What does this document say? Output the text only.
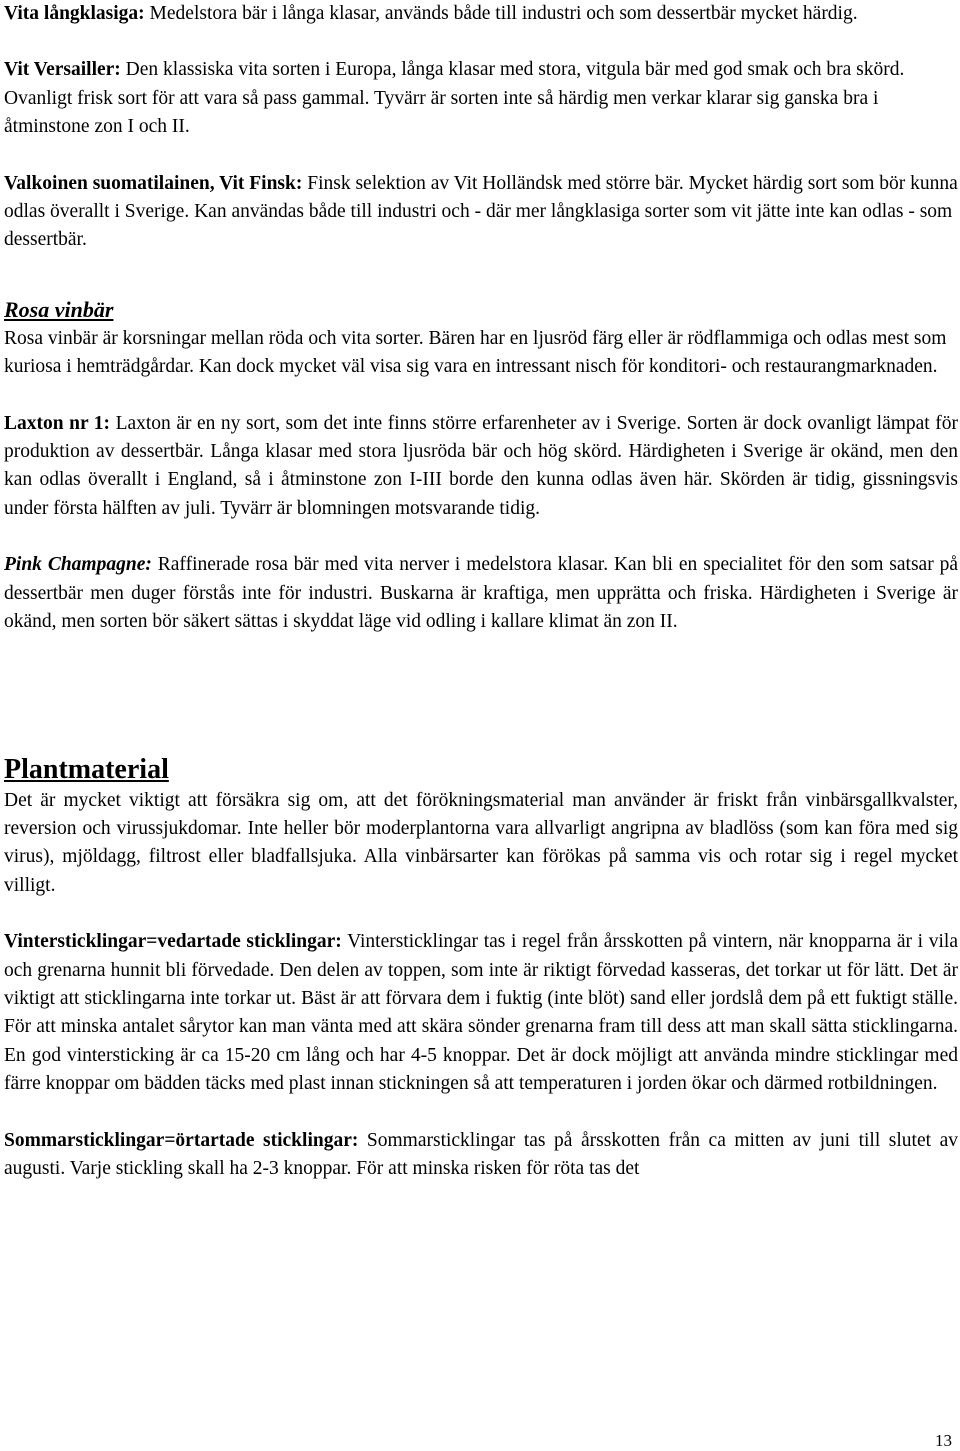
Vita långklasiga: Medelstora bär i långa klasar, används både till industri och som dessertbär mycket härdig.

Vit Versailler: Den klassiska vita sorten i Europa, långa klasar med stora, vitgula bär med god smak och bra skörd. Ovanligt frisk sort för att vara så pass gammal. Tyvärr är sorten inte så härdig men verkar klarar sig ganska bra i åtminstone zon I och II.

Valkoinen suomatilainen, Vit Finsk: Finsk selektion av Vit Holländsk med större bär. Mycket härdig sort som bör kunna odlas överallt i Sverige. Kan användas både till industri och - där mer långklasiga sorter som vit jätte inte kan odlas - som dessertbär.

Rosa vinbär

Rosa vinbär är korsningar mellan röda och vita sorter. Bären har en ljusröd färg eller är rödflammiga och odlas mest som kuriosa i hemträdgårdar. Kan dock mycket väl visa sig vara en intressant nisch för konditori- och restaurangmarknaden.

Laxton nr 1: Laxton är en ny sort, som det inte finns större erfarenheter av i Sverige. Sorten är dock ovanligt lämpat för produktion av dessertbär. Långa klasar med stora ljusröda bär och hög skörd. Härdigheten i Sverige är okänd, men den kan odlas överallt i England, så i åtminstone zon I-III borde den kunna odlas även här. Skörden är tidig, gissningsvis under första hälften av juli. Tyvärr är blomningen motsvarande tidig.

Pink Champagne: Raffinerade rosa bär med vita nerver i medelstora klasar. Kan bli en specialitet för den som satsar på dessertbär men duger förstås inte för industri. Buskarna är kraftiga, men upprätta och friska. Härdigheten i Sverige är okänd, men sorten bör säkert sättas i skyddat läge vid odling i kallare klimat än zon II.

Plantmaterial

Det är mycket viktigt att försäkra sig om, att det förökningsmaterial man använder är friskt från vinbärsgallkvalster, reversion och virussjukdomar. Inte heller bör moderplantorna vara allvarligt angripna av bladlöss (som kan föra med sig virus), mjöldagg, filtrost eller bladfallsjuka. Alla vinbärsarter kan förökas på samma vis och rotar sig i regel mycket villigt.

Vintersticklingar=vedartade sticklingar: Vintersticklingar tas i regel från årsskotten på vintern, när knopparna är i vila och grenarna hunnit bli förvedade. Den delen av toppen, som inte är riktigt förvedad kasseras, det torkar ut för lätt. Det är viktigt att sticklingarna inte torkar ut. Bäst är att förvara dem i fuktig (inte blöt) sand eller jordslå dem på ett fuktigt ställe. För att minska antalet sårytor kan man vänta med att skära sönder grenarna fram till dess att man skall sätta sticklingarna. En god vintersticking är ca 15-20 cm lång och har 4-5 knoppar. Det är dock möjligt att använda mindre sticklingar med färre knoppar om bädden täcks med plast innan stickningen så att temperaturen i jorden ökar och därmed rotbildningen.

Sommarsticklingar=örtartade sticklingar: Sommarsticklingar tas på årsskotten från ca mitten av juni till slutet av augusti. Varje stickling skall ha 2-3 knoppar. För att minska risken för röta tas det

13
